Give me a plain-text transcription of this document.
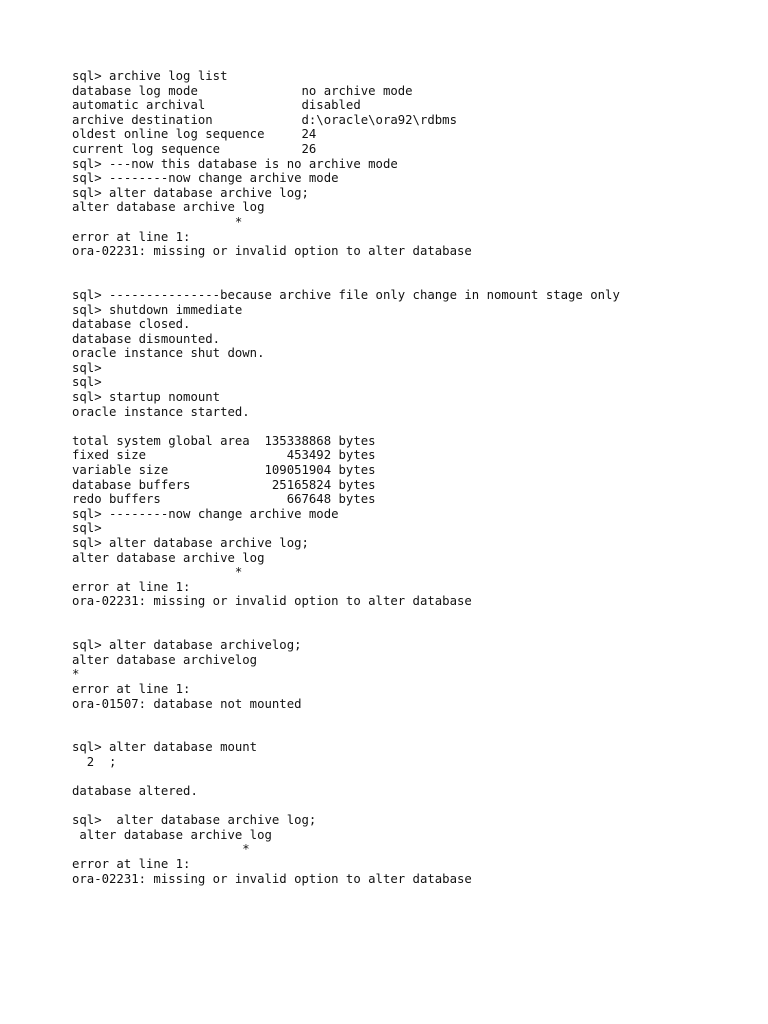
sql> archive log list
database log mode              no archive mode
automatic archival             disabled
archive destination            d:\oracle\ora92\rdbms
oldest online log sequence     24
current log sequence           26
sql> ---now this database is no archive mode
sql> --------now change archive mode
sql> alter database archive log;
alter database archive log
*
error at line 1:
ora-02231: missing or invalid option to alter database
sql> ---------------because archive file only change in nomount stage only
sql> shutdown immediate
database closed.
database dismounted.
oracle instance shut down.
sql>
sql>
sql> startup nomount
oracle instance started.
total system global area  135338868 bytes
fixed size                   453492 bytes
variable size             109051904 bytes
database buffers           25165824 bytes
redo buffers                 667648 bytes
sql> --------now change archive mode
sql>
sql> alter database archive log;
alter database archive log
*
error at line 1:
ora-02231: missing or invalid option to alter database
sql> alter database archivelog;
alter database archivelog
*
error at line 1:
ora-01507: database not mounted
sql> alter database mount
2  ;
database altered.
sql>  alter database archive log;
alter database archive log
*
error at line 1:
ora-02231: missing or invalid option to alter database
